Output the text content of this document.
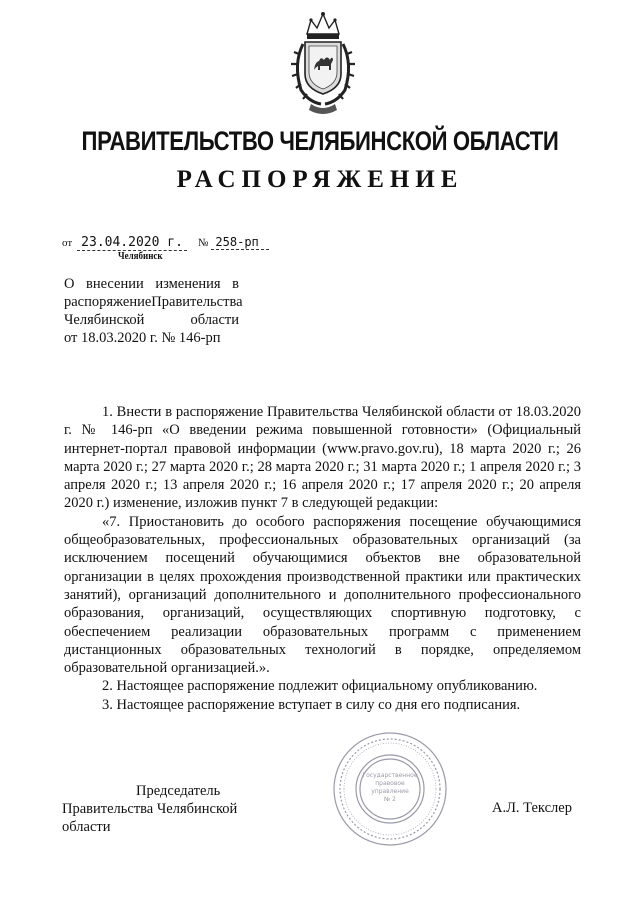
ПРАВИТЕЛЬСТВО ЧЕЛЯБИНСКОЙ ОБЛАСТИ
РАСПОРЯЖЕНИЕ
от 23.04.2020 г. № 258-рп
Челябинск
О внесении изменения в
распоряжение Правительства
Челябинской	области
от 18.03.2020 г. № 146-рп

1. Внести в распоряжение Правительства Челябинской области от 18.03.2020 г. № 146-рп «О введении режима повышенной готовности» (Официальный интернет-портал правовой информации (www.pravo.gov.ru), 18 марта 2020 г.; 26 марта 2020 г.; 27 марта 2020 г.; 28 марта 2020 г.; 31 марта 2020 г.; 1 апреля 2020 г.; 3 апреля 2020 г.; 13 апреля 2020 г.; 16 апреля 2020 г.; 17 апреля 2020 г.; 20 апреля 2020 г.) изменение, изложив пункт 7 в следующей редакции:

«7. Приостановить до особого распоряжения посещение обучающимися общеобразовательных, профессиональных образовательных организаций (за исключением посещений обучающимися объектов вне образовательной организации в целях прохождения производственной практики или практических занятий), организаций дополнительного и дополнительного профессионального образования, организаций, осуществляющих спортивную подготовку, с обеспечением реализации образовательных программ с применением дистанционных образовательных технологий в порядке, определяемом образовательной организацией.».

2. Настоящее распоряжение подлежит официальному опубликованию.

3. Настоящее распоряжение вступает в силу со дня его подписания.

Государственное
правовое
управление
№ 2
Председатель
Правительства Челябинской области
А.Л. Текслер
